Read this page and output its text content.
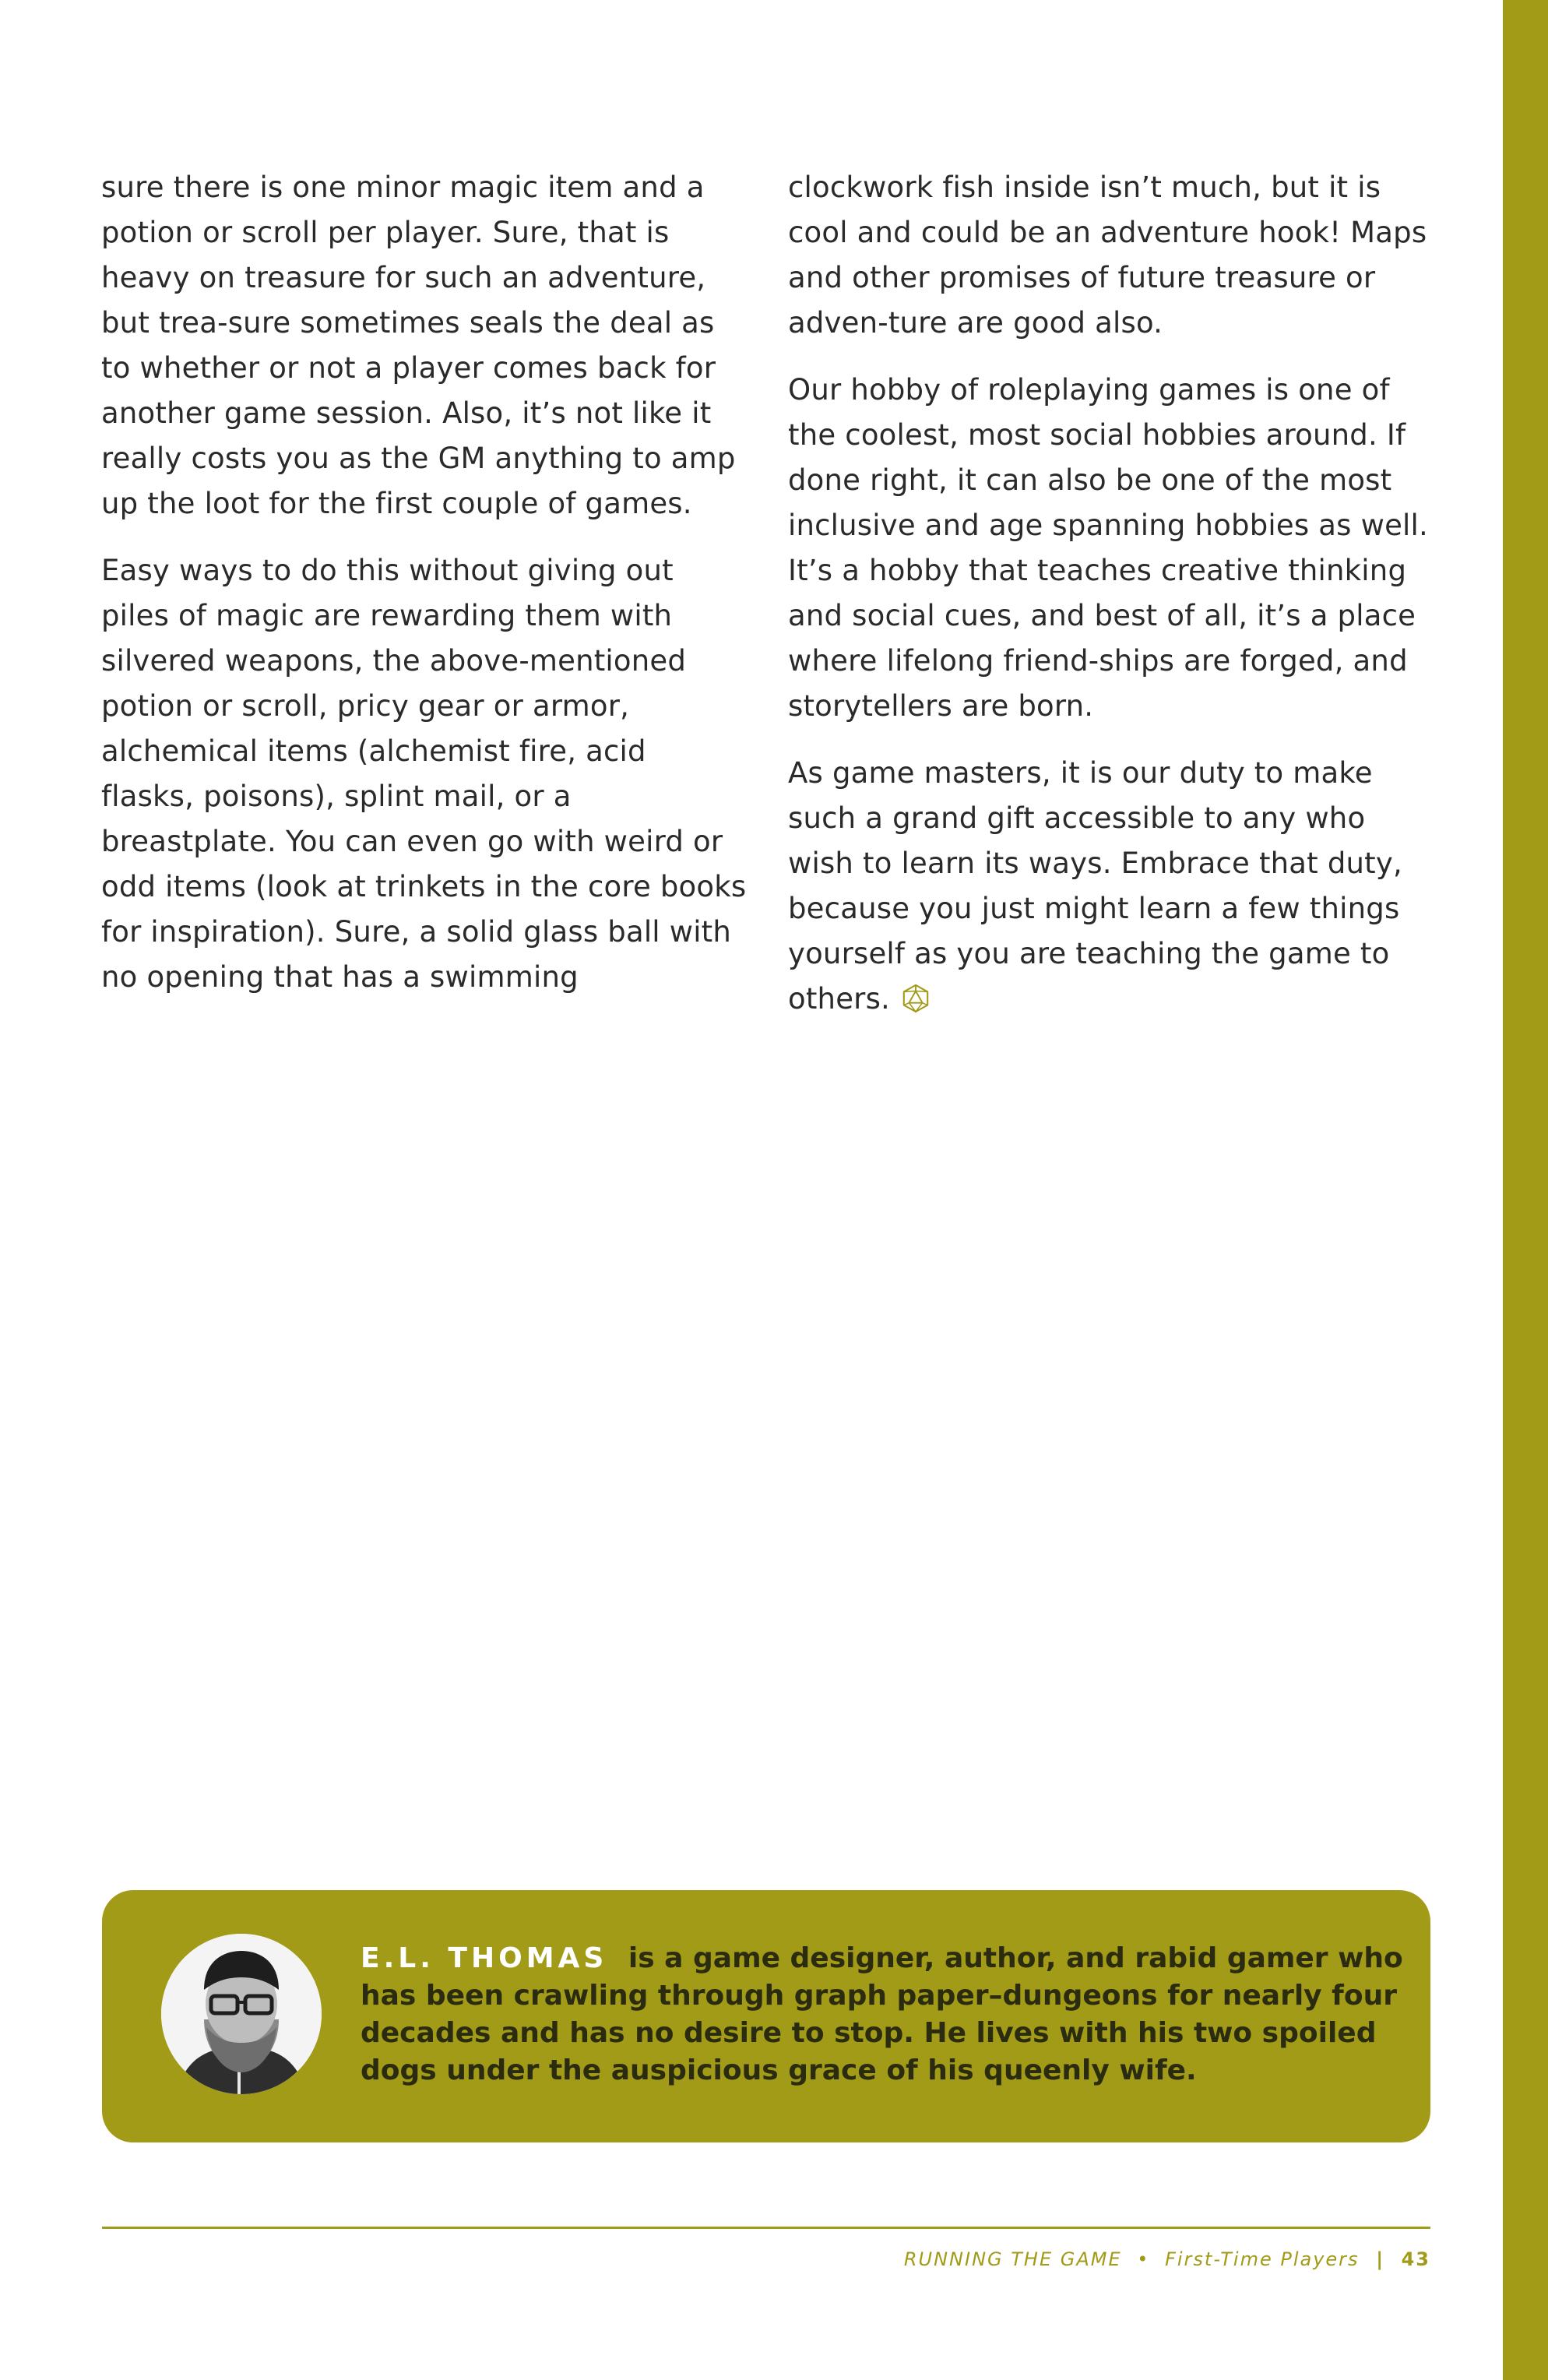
sure there is one minor magic item and a potion or scroll per player. Sure, that is heavy on treasure for such an adventure, but trea-sure sometimes seals the deal as to whether or not a player comes back for another game session. Also, it’s not like it really costs you as the GM anything to amp up the loot for the first couple of games.

Easy ways to do this without giving out piles of magic are rewarding them with silvered weapons, the above-mentioned potion or scroll, pricy gear or armor, alchemical items (alchemist fire, acid flasks, poisons), splint mail, or a breastplate. You can even go with weird or odd items (look at trinkets in the core books for inspiration). Sure, a solid glass ball with no opening that has a swimming

clockwork fish inside isn’t much, but it is cool and could be an adventure hook! Maps and other promises of future treasure or adven-ture are good also.

Our hobby of roleplaying games is one of the coolest, most social hobbies around. If done right, it can also be one of the most inclusive and age spanning hobbies as well. It’s a hobby that teaches creative thinking and social cues, and best of all, it’s a place where lifelong friend-ships are forged, and storytellers are born.

As game masters, it is our duty to make such a grand gift accessible to any who wish to learn its ways. Embrace that duty, because you just might learn a few things yourself as you are teaching the game to others.

E.L. THOMAS is a game designer, author, and rabid gamer who has been crawling through graph paper–dungeons for nearly four decades and has no desire to stop. He lives with his two spoiled dogs under the auspicious grace of his queenly wife.
RUNNING THE GAME • First-Time Players | 43
